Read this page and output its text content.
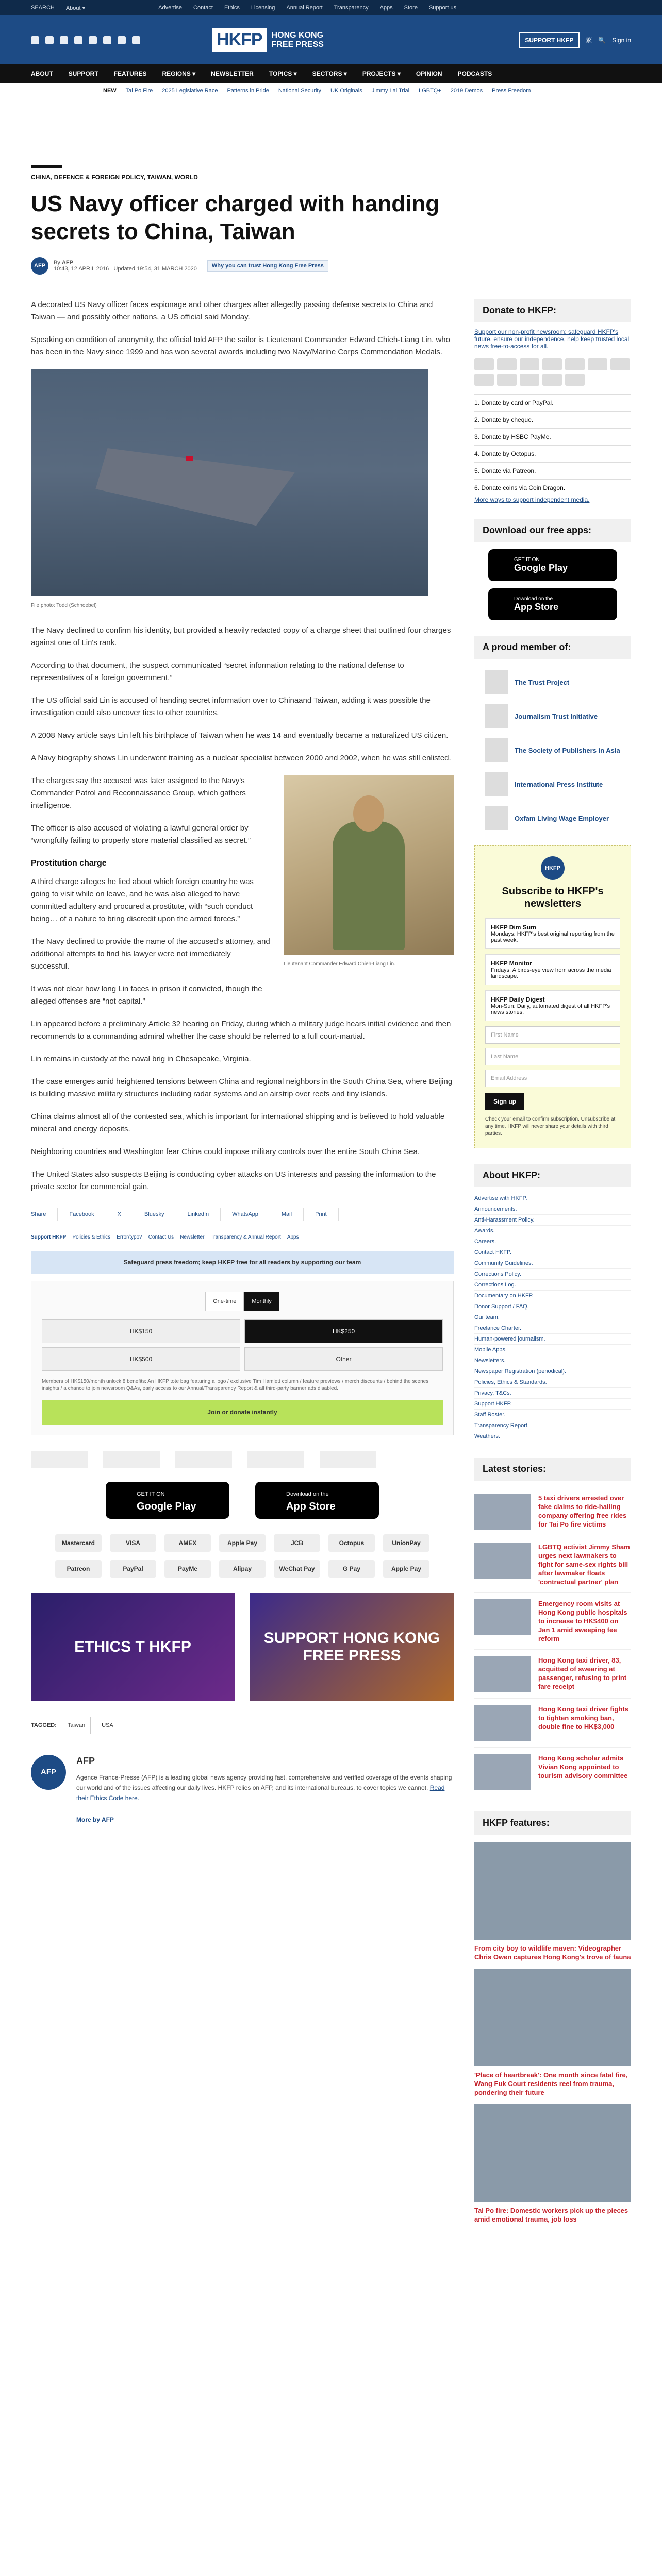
SEARCH About ▾	Advertise Contact Ethics Licensing Annual Report Transparency Apps Store Support us
HKFP	HONG KONG
FREE PRESS	SUPPORT HKFP	繁 🔍 Sign in
ABOUT	SUPPORT	FEATURES	REGIONS ▾	NEWSLETTER	TOPICS ▾	SECTORS ▾	PROJECTS ▾	OPINION	PODCASTS
NEW Tai Po Fire 2025 Legislative Race Patterns in Pride National Security UK Originals Jimmy Lai Trial LGBTQ+ 2019 Demos Press Freedom
CHINA, DEFENCE & FOREIGN POLICY, TAIWAN, WORLD
US Navy officer charged with handing secrets to China, Taiwan
AFP	By AFP
10:43, 12 APRIL 2016 Updated 19:54, 31 MARCH 2020	Why you can trust Hong Kong Free Press

A decorated US Navy officer faces espionage and other charges after allegedly passing defense secrets to China and Taiwan — and possibly other nations, a US official said Monday.

Speaking on condition of anonymity, the official told AFP the sailor is Lieutenant Commander Edward Chieh-Liang Lin, who has been in the Navy since 1999 and has won several awards including two Navy/Marine Corps Commendation Medals.

File photo: Todd (Schnoebel)

The Navy declined to confirm his identity, but provided a heavily redacted copy of a charge sheet that outlined four charges against one of Lin's rank.

According to that document, the suspect communicated “secret information relating to the national defense to representatives of a foreign government.”

The US official said Lin is accused of handing secret information over to Chinaand Taiwan, adding it was possible the investigation could also uncover ties to other countries.

A 2008 Navy article says Lin left his birthplace of Taiwan when he was 14 and eventually became a naturalized US citizen.

A Navy biography shows Lin underwent training as a nuclear specialist between 2000 and 2002, when he was still enlisted.

Lieutenant Commander Edward Chieh-Liang Lin.

The charges say the accused was later assigned to the Navy's Commander Patrol and Reconnaissance Group, which gathers intelligence.

The officer is also accused of violating a lawful general order by “wrongfully failing to properly store material classified as secret.”

Prostitution charge

A third charge alleges he lied about which foreign country he was going to visit while on leave, and he was also alleged to have committed adultery and procured a prostitute, with “such conduct being… of a nature to bring discredit upon the armed forces.”

The Navy declined to provide the name of the accused's attorney, and additional attempts to find his lawyer were not immediately successful.

It was not clear how long Lin faces in prison if convicted, though the alleged offenses are “not capital.”

Lin appeared before a preliminary Article 32 hearing on Friday, during which a military judge hears initial evidence and then recommends to a commanding admiral whether the case should be referred to a full court-martial.

Lin remains in custody at the naval brig in Chesapeake, Virginia.

The case emerges amid heightened tensions between China and regional neighbors in the South China Sea, where Beijing is building massive military structures including radar systems and an airstrip over reefs and tiny islands.

China claims almost all of the contested sea, which is important for international shipping and is believed to hold valuable mineral and energy deposits.

Neighboring countries and Washington fear China could impose military controls over the entire South China Sea.

The United States also suspects Beijing is conducting cyber attacks on US interests and passing the information to the private sector for commercial gain.

Share	Facebook	X	Bluesky	LinkedIn	WhatsApp	Mail	Print
Support HKFP Policies & Ethics Error/typo? Contact Us Newsletter Transparency & Annual Report Apps
Safeguard press freedom; keep HKFP free for all readers by supporting our team
One-time	Monthly
HK$150	HK$250
HK$500	Other
Members of HK$150/month unlock 8 benefits: An HKFP tote bag featuring a logo / exclusive Tim Hamlett column / feature previews / merch discounts / behind the scenes insights / a chance to join newsroom Q&As, early access to our Annual/Transparency Report & all third-party banner ads disabled.
Join or donate instantly
GET IT ON
Google Play
Download on the
App Store
Mastercard	VISA	AMEX	Apple Pay	JCB	Octopus	UnionPay
Patreon	PayPal	PayMe	Alipay	WeChat Pay	G Pay	Apple Pay
ETHICS T HKFP
SUPPORT HONG KONG FREE PRESS
TAGGED:	Taiwan	USA
AFP
AFP

Agence France-Presse (AFP) is a leading global news agency providing fast, comprehensive and verified coverage of the events shaping our world and of the issues affecting our daily lives. HKFP relies on AFP, and its international bureaus, to cover topics we cannot. Read their Ethics Code here.

More by AFP
Donate to HKFP:
Support our non-profit newsroom: safeguard HKFP's future, ensure our independence, help keep trusted local news free-to-access for all.
1. Donate by card or PayPal.
2. Donate by cheque.
3. Donate by HSBC PayMe.
4. Donate by Octopus.
5. Donate via Patreon.
6. Donate coins via Coin Dragon.
More ways to support independent media.
Download our free apps:
GET IT ON
Google Play
Download on the
App Store
A proud member of:
The Trust Project
Journalism Trust Initiative
The Society of Publishers in Asia
International Press Institute
Oxfam Living Wage Employer
HKFP
Subscribe to HKFP's newsletters
HKFP Dim Sum
Mondays: HKFP's best original reporting from the past week.
HKFP Monitor
Fridays: A birds-eye view from across the media landscape.
HKFP Daily Digest
Mon-Sun: Daily, automated digest of all HKFP's news stories.
First Name
Last Name
Email Address
Sign up
Check your email to confirm subscription. Unsubscribe at any time. HKFP will never share your details with third parties.
About HKFP:
Advertise with HKFP.
Announcements.
Anti-Harassment Policy.
Awards.
Careers.
Contact HKFP.
Community Guidelines.
Corrections Policy.
Corrections Log.
Documentary on HKFP.
Donor Support / FAQ.
Our team.
Freelance Charter.
Human-powered journalism.
Mobile Apps.
Newsletters.
Newspaper Registration (periodical).
Policies, Ethics & Standards.
Privacy, T&Cs.
Support HKFP.
Staff Roster.
Transparency Report.
Weathers.
Latest stories:
5 taxi drivers arrested over fake claims to ride-hailing company offering free rides for Tai Po fire victims
LGBTQ activist Jimmy Sham urges next lawmakers to fight for same-sex rights bill after lawmaker floats 'contractual partner' plan
Emergency room visits at Hong Kong public hospitals to increase to HK$400 on Jan 1 amid sweeping fee reform
Hong Kong taxi driver, 83, acquitted of swearing at passenger, refusing to print fare receipt
Hong Kong taxi driver fights to tighten smoking ban, double fine to HK$3,000
Hong Kong scholar admits Vivian Kong appointed to tourism advisory committee
HKFP features:
From city boy to wildlife maven: Videographer Chris Owen captures Hong Kong's trove of fauna
'Place of heartbreak': One month since fatal fire, Wang Fuk Court residents reel from trauma, pondering their future
Tai Po fire: Domestic workers pick up the pieces amid emotional trauma, job loss
